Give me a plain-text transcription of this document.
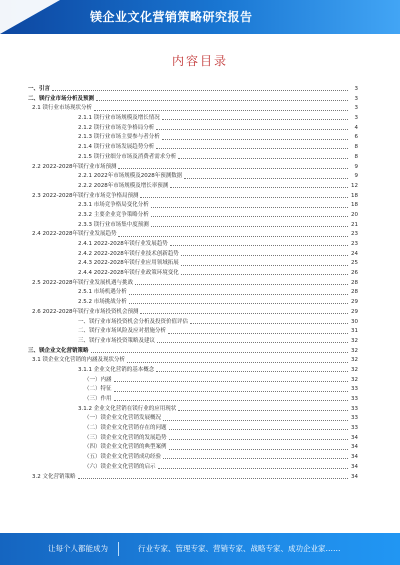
镁企业文化营销策略研究报告
内容目录
一、引言	3
二、镁行业市场分析及预测	3
2.1 镁行业市场现状分析	3
2.1.1 镁行业市场规模及增长情况	3
2.1.2 镁行业市场竞争格局分析	4
2.1.3 镁行业市场主要参与者分析	6
2.1.4 镁行业市场发展趋势分析	8
2.1.5 镁行业细分市场及消费者需求分析	8
2.2 2022-2028年镁行业市场预测	9
2.2.1 2022年市场规模及2028年预测数据	9
2.2.2 2028年市场规模及增长率预测	12
2.3 2022-2028年镁行业市场竞争格局预测	18
2.3.1 市场竞争格局变化分析	18
2.3.2 主要企业竞争策略分析	20
2.3.3 镁行业市场集中度预测	21
2.4 2022-2028年镁行业发展趋势	23
2.4.1 2022-2028年镁行业发展趋势	23
2.4.2 2022-2028年镁行业技术创新趋势	24
2.4.3 2022-2028年镁行业应用领域拓展	25
2.4.4 2022-2028年镁行业政策环境变化	26
2.5 2022-2028年镁行业发展机遇与挑战	28
2.5.1 市场机遇分析	28
2.5.2 市场挑战分析	29
2.6 2022-2028年镁行业市场投资机会预测	29
一、镁行业市场投资机会分析及投资价值评估	30
二、镁行业市场风险及应对措施分析	31
三、镁行业市场投资策略及建议	32
三、镁企业文化营销策略	32
3.1 镁企业文化营销的内涵及现状分析	32
3.1.1 企业文化营销的基本概念	32
（一）内涵	32
（二）特征	33
（三）作用	33
3.1.2 企业文化营销在镁行业的应用现状	33
（一）镁企业文化营销发展概况	33
（二）镁企业文化营销存在的问题	33
（三）镁企业文化营销的发展趋势	34
（四）镁企业文化营销的典型案例	34
（五）镁企业文化营销成功经验	34
（六）镁企业文化营销的启示	34
3.2 文化营销策略	34
让每个人都能成为	行业专家、管理专家、营销专家、战略专家、成功企业家……
